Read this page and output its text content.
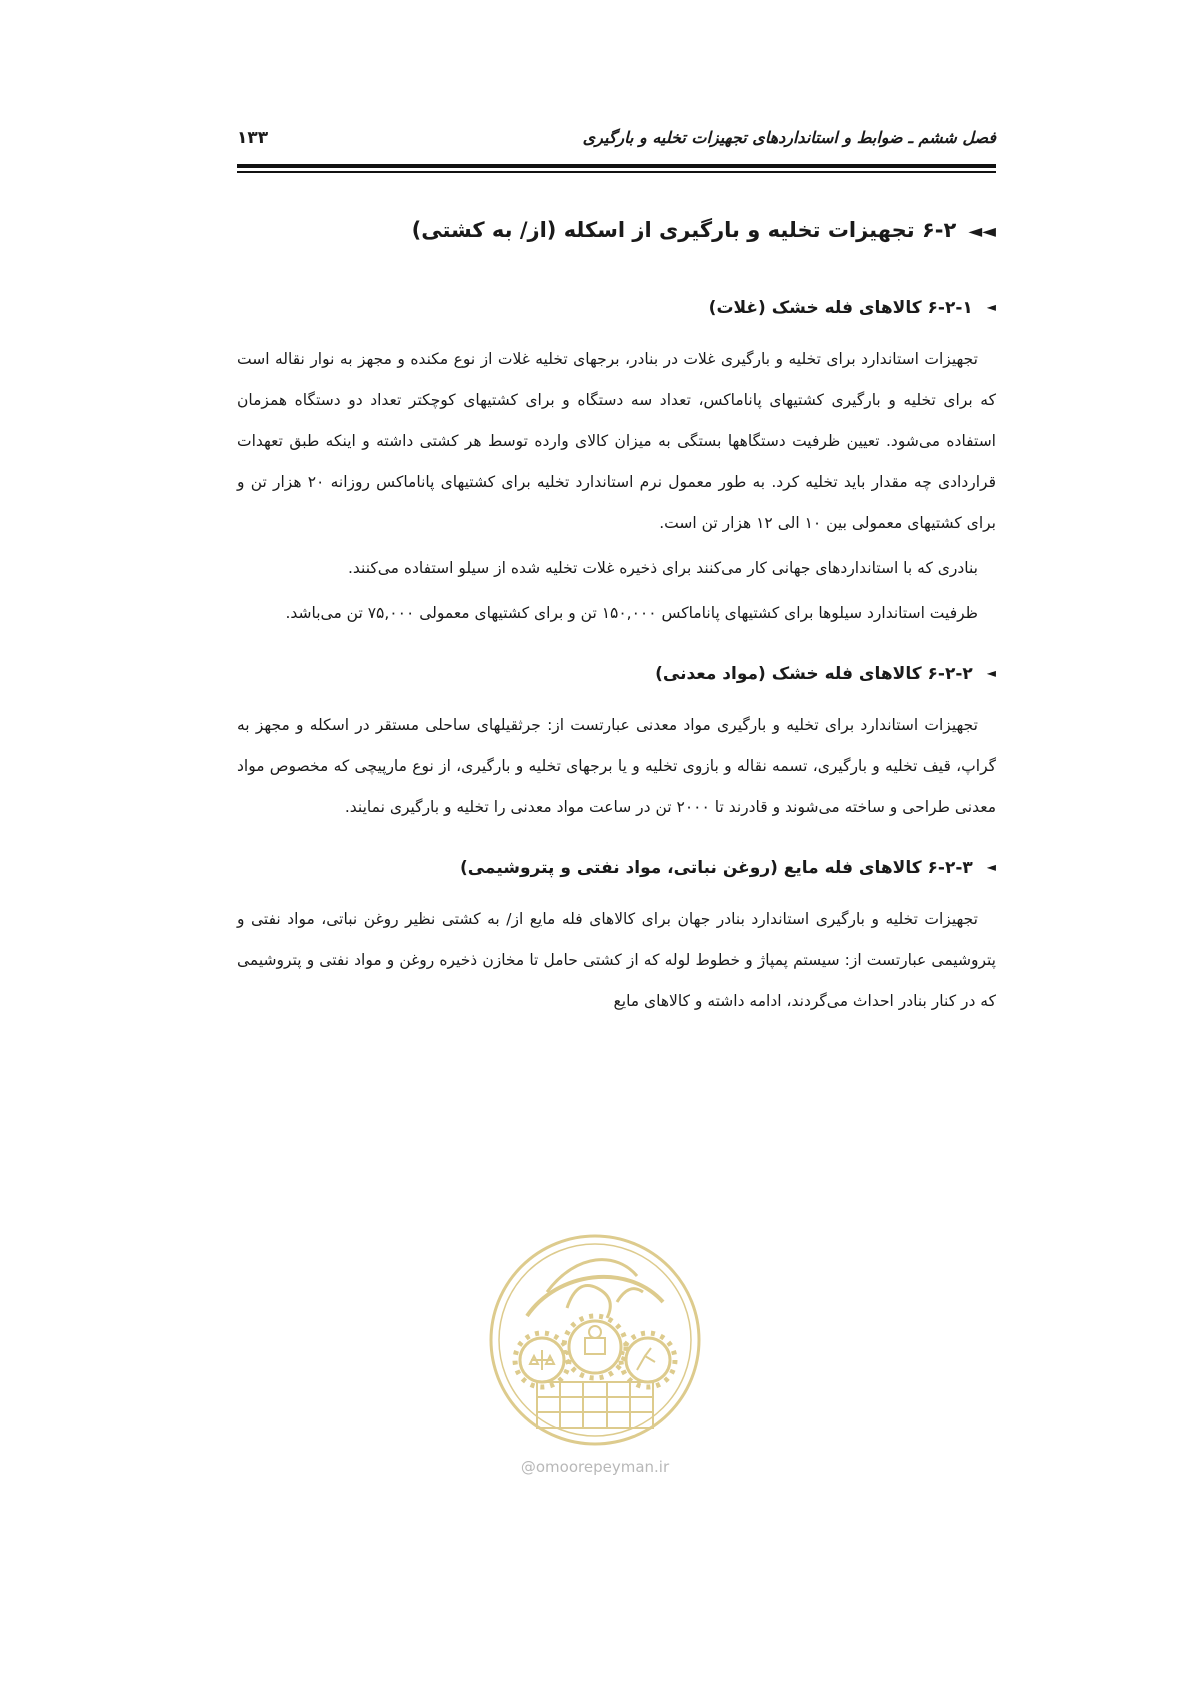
فصل ششم ـ ضوابط و استانداردهای تجهیزات تخلیه و بارگیری
۱۳۳
◄◄۶-۲ تجهیزات تخلیه و بارگیری از اسکله (از/ به کشتی)
◄۶-۲-۱ کالاهای فله خشک (غلات)

تجهیزات استاندارد برای تخلیه و بارگیری غلات در بنادر، برجهای تخلیه غلات از نوع مکنده و مجهز به نوار نقاله است که برای تخلیه و بارگیری کشتیهای پاناماکس، تعداد سه دستگاه و برای کشتیهای کوچکتر تعداد دو دستگاه همزمان استفاده می‌شود. تعیین ظرفیت دستگاهها بستگی به میزان کالای وارده توسط هر کشتی داشته و اینکه طبق تعهدات قراردادی چه مقدار باید تخلیه کرد. به طور معمول نرم استاندارد تخلیه برای کشتیهای پاناماکس روزانه ۲۰ هزار تن و برای کشتیهای معمولی بین ۱۰ الی ۱۲ هزار تن است.

بنادری که با استانداردهای جهانی کار می‌کنند برای ذخیره غلات تخلیه شده از سیلو استفاده می‌کنند.

ظرفیت استاندارد سیلوها برای کشتیهای پاناماکس ۱۵۰,۰۰۰ تن و برای کشتیهای معمولی ۷۵,۰۰۰ تن می‌باشد.

◄۶-۲-۲ کالاهای فله خشک (مواد معدنی)

تجهیزات استاندارد برای تخلیه و بارگیری مواد معدنی عبارتست از: جرثقیلهای ساحلی مستقر در اسکله و مجهز به گراپ، قیف تخلیه و بارگیری، تسمه نقاله و بازوی تخلیه و یا برجهای تخلیه و بارگیری، از نوع مارپیچی که مخصوص مواد معدنی طراحی و ساخته می‌شوند و قادرند تا ۲۰۰۰ تن در ساعت مواد معدنی را تخلیه و بارگیری نمایند.

◄۶-۲-۳ کالاهای فله مایع (روغن نباتی، مواد نفتی و پتروشیمی)

تجهیزات تخلیه و بارگیری استاندارد بنادر جهان برای کالاهای فله مایع از/ به کشتی نظیر روغن نباتی، مواد نفتی و پتروشیمی عبارتست از: سیستم پمپاژ و خطوط لوله که از کشتی حامل تا مخازن ذخیره روغن و مواد نفتی و پتروشیمی که در کنار بنادر احداث می‌گردند، ادامه داشته و کالاهای مایع

@omoorepeyman.ir
